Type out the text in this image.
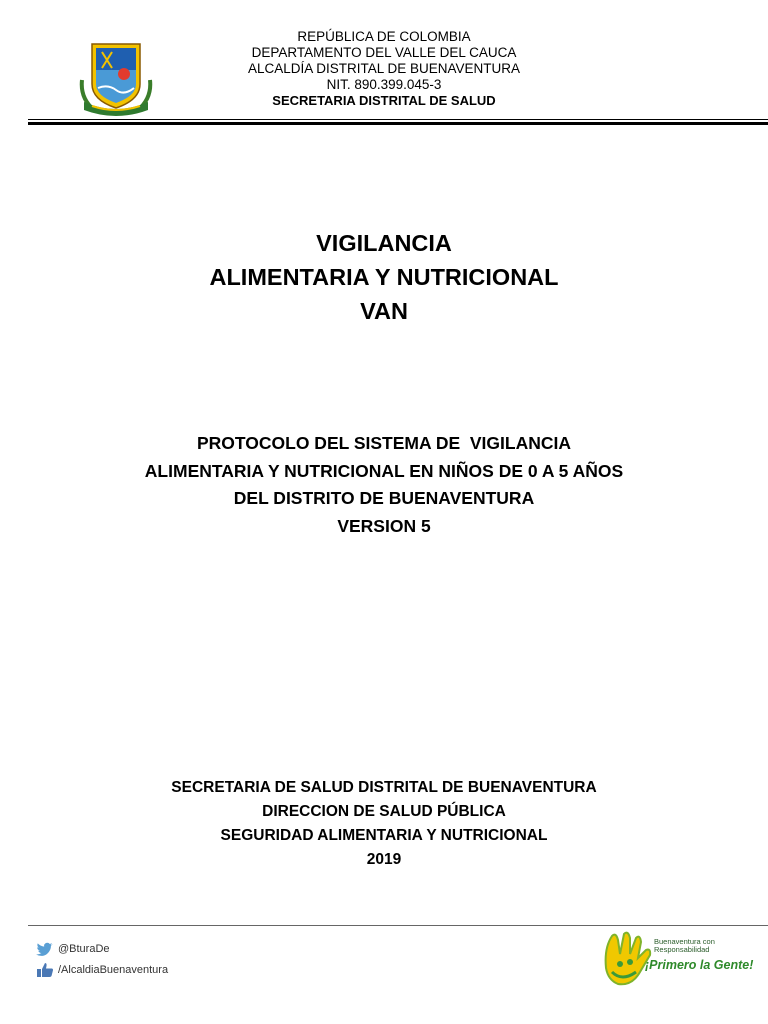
REPÚBLICA DE COLOMBIA
DEPARTAMENTO DEL VALLE DEL CAUCA
ALCALDÍA DISTRITAL DE BUENAVENTURA
NIT. 890.399.045-3
SECRETARIA DISTRITAL DE SALUD
VIGILANCIA
ALIMENTARIA Y NUTRICIONAL
VAN
PROTOCOLO DEL SISTEMA DE  VIGILANCIA
ALIMENTARIA Y NUTRICIONAL EN NIÑOS DE 0 A 5 AÑOS
DEL DISTRITO DE BUENAVENTURA
VERSION 5
SECRETARIA DE SALUD DISTRITAL DE BUENAVENTURA
DIRECCION DE SALUD PÚBLICA
SEGURIDAD ALIMENTARIA Y NUTRICIONAL
2019
@BturaDe
/AlcaldiaBuenaventura
Buenaventura con
Responsabilidad
¡Primero la Gente!
